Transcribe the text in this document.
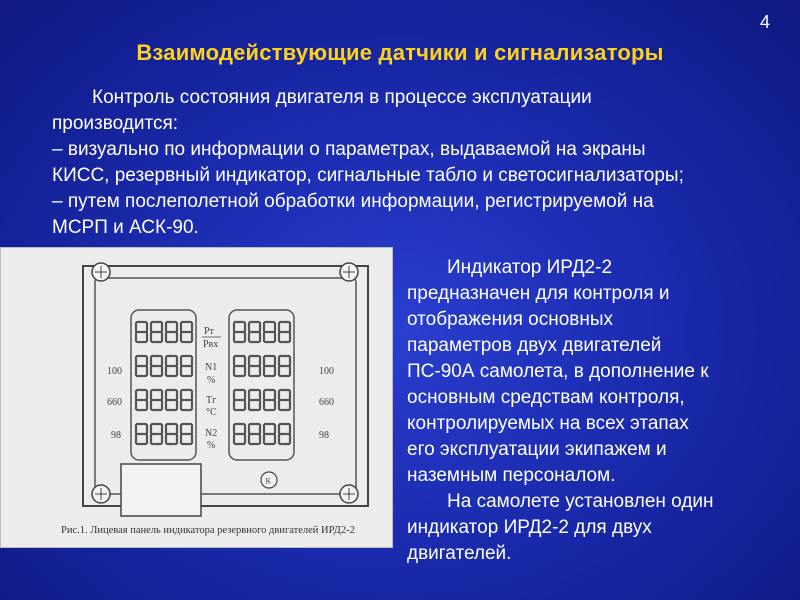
4
Взаимодействующие датчики и сигнализаторы
Контроль состояния двигателя в процессе эксплуатации
производится:
– визуально по информации о параметрах, выдаваемой на экраны
КИСС, резервный индикатор, сигнальные табло и светосигнализаторы;
– путем послеполетной обработки информации, регистрируемой на
МСРП и АСК-90.
100
660
98
100
660
98
Рт
Рвх
N1
%
Тг
°С
N2
%
К
Рис.1. Лицевая панель индикатора резервного двигателей ИРД2-2
Индикатор ИРД2-2
предназначен для контроля и
отображения основных
параметров двух двигателей
ПС-90А самолета, в дополнение к
основным средствам контроля,
контролируемых на всех этапах
его эксплуатации экипажем и
наземным персоналом.
На самолете установлен один
индикатор ИРД2-2 для двух
двигателей.
